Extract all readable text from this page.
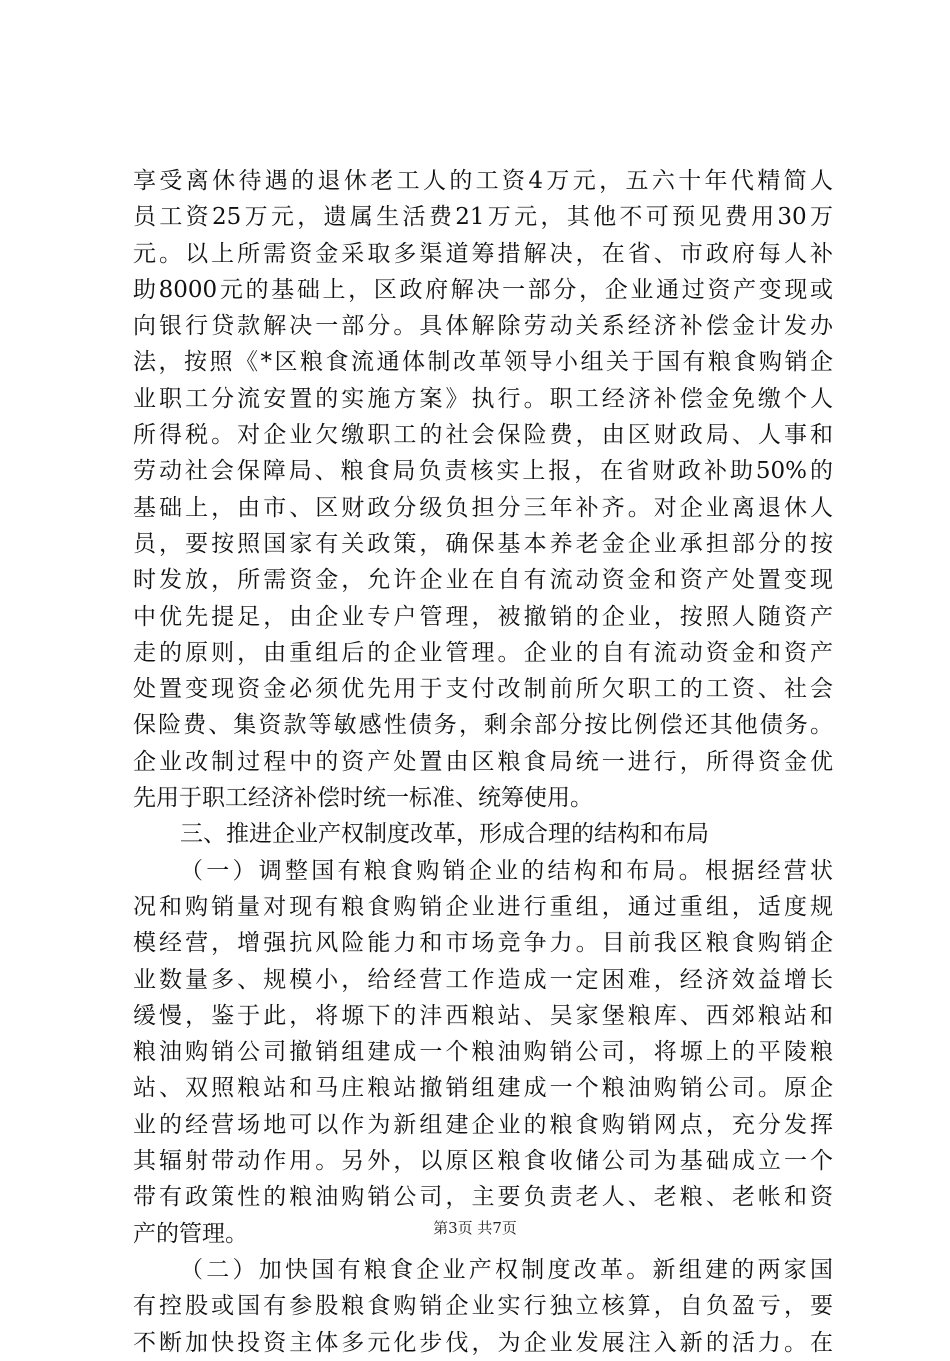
享受离休待遇的退休老工人的工资4万元，五六十年代精简人
员工资25万元，遗属生活费21万元，其他不可预见费用30万
元。以上所需资金采取多渠道筹措解决，在省、市政府每人补
助8000元的基础上，区政府解决一部分，企业通过资产变现或
向银行贷款解决一部分。具体解除劳动关系经济补偿金计发办
法，按照《*区粮食流通体制改革领导小组关于国有粮食购销企
业职工分流安置的实施方案》执行。职工经济补偿金免缴个人
所得税。对企业欠缴职工的社会保险费，由区财政局、人事和
劳动社会保障局、粮食局负责核实上报，在省财政补助50%的
基础上，由市、区财政分级负担分三年补齐。对企业离退休人
员，要按照国家有关政策，确保基本养老金企业承担部分的按
时发放，所需资金，允许企业在自有流动资金和资产处置变现
中优先提足，由企业专户管理，被撤销的企业，按照人随资产
走的原则，由重组后的企业管理。企业的自有流动资金和资产
处置变现资金必须优先用于支付改制前所欠职工的工资、社会
保险费、集资款等敏感性债务，剩余部分按比例偿还其他债务。
企业改制过程中的资产处置由区粮食局统一进行，所得资金优
先用于职工经济补偿时统一标准、统筹使用。
三、推进企业产权制度改革，形成合理的结构和布局
（一）调整国有粮食购销企业的结构和布局。根据经营状
况和购销量对现有粮食购销企业进行重组，通过重组，适度规
模经营，增强抗风险能力和市场竞争力。目前我区粮食购销企
业数量多、规模小，给经营工作造成一定困难，经济效益增长
缓慢，鉴于此，将塬下的沣西粮站、吴家堡粮库、西郊粮站和
粮油购销公司撤销组建成一个粮油购销公司，将塬上的平陵粮
站、双照粮站和马庄粮站撤销组建成一个粮油购销公司。原企
业的经营场地可以作为新组建企业的粮食购销网点，充分发挥
其辐射带动作用。另外，以原区粮食收储公司为基础成立一个
带有政策性的粮油购销公司，主要负责老人、老粮、老帐和资
产的管理。
（二）加快国有粮食企业产权制度改革。新组建的两家国
有控股或国有参股粮食购销企业实行独立核算，自负盈亏，要
不断加快投资主体多元化步伐，为企业发展注入新的活力。在
第3页 共7页
